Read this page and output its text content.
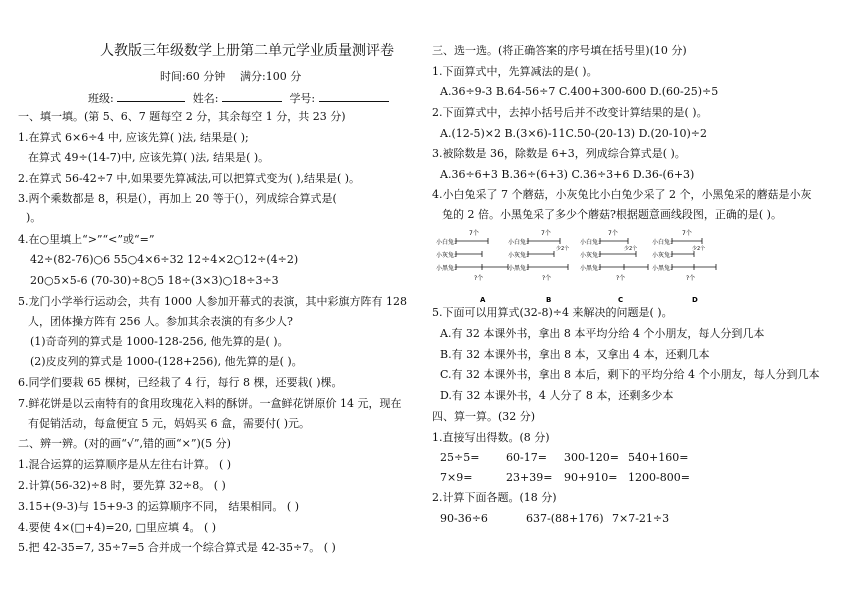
人教版三年级数学上册第二单元学业质量测评卷
时间:60 分钟 满分:100 分
班级:	姓名:	学号:
一、填一填。(第 5、6、7 题每空 2 分，其余每空 1 分，共 23 分)
1.在算式 6×6÷4 中, 应该先算( )法, 结果是( );
在算式 49÷(14-7)中, 应该先算( )法, 结果是( )。
2.在算式 56-42÷7 中,如果要先算减法,可以把算式变为( ),结果是( )。
3.两个乘数都是 8，积是(），再加上 20 等于(），列成综合算式是(
)。
4.在○里填上“>”“<”或“=”
42÷(82-76)○6 55○4×6÷32 12÷4×2○12÷(4÷2)
20○5×5-6 (70-30)÷8○5 18÷(3×3)○18÷3÷3
5.龙门小学举行运动会，共有 1000 人参加开幕式的表演，其中彩旗方阵有 128
人，团体操方阵有 256 人。参加其余表演的有多少人?
(1)奇奇列的算式是 1000-128-256, 他先算的是( )。
(2)皮皮列的算式是 1000-(128+256), 他先算的是( )。
6.同学们要栽 65 棵树，已经栽了 4 行，每行 8 棵，还要栽( )棵。
7.鲜花饼是以云南特有的食用玫瑰花入料的酥饼。一盒鲜花饼原价 14 元，现在
有促销活动，每盒便宜 5 元，妈妈买 6 盒，需要付( )元。
二、辨一辨。(对的画“√”,错的画“×”)(5 分)
1.混合运算的运算顺序是从左往右计算。 ( )
2.计算(56-32)÷8 时，要先算 32÷8。 ( )
3.15+(9-3)与 15+9-3 的运算顺序不同， 结果相同。 ( )
4.要使 4×(□+4)=20, □里应填 4。 ( )
5.把 42-35=7, 35÷7=5 合并成一个综合算式是 42-35÷7。 ( )
三、选一选。(将正确答案的序号填在括号里)(10 分)
1.下面算式中，先算减法的是( )。
A.36÷9-3 B.64-56÷7 C.400+300-600 D.(60-25)÷5
2.下面算式中，去掉小括号后并不改变计算结果的是( )。
A.(12-5)×2 B.(3×6)-11C.50-(20-13) D.(20-10)÷2
3.被除数是 36，除数是 6+3，列成综合算式是( )。
A.36÷6+3 B.36÷(6+3) C.36÷3+6 D.36-(6+3)
4.小白兔采了 7 个蘑菇，小灰兔比小白兔少采了 2 个，小黑兔采的蘑菇是小灰
兔的 2 倍。小黑兔采了多少个蘑菇?根据题意画线段图，正确的是( )。
7个
小白兔:
小灰兔:
小黑兔:
?个
A
7个
小白兔:
少2个
小灰兔:
小黑兔:
?个
B
7个
小白兔:
少2个
小灰兔:
小黑兔:
?个
C
7个
小白兔:
少2个
小灰兔:
小黑兔:
?个
D
5.下面可以用算式(32-8)÷4 来解决的问题是( )。
A.有 32 本课外书，拿出 8 本平均分给 4 个小朋友，每人分到几本
B.有 32 本课外书，拿出 8 本，又拿出 4 本，还剩几本
C.有 32 本课外书，拿出 8 本后，剩下的平均分给 4 个小朋友，每人分到几本
D.有 32 本课外书，4 人分了 8 本，还剩多少本
四、算一算。(32 分)
1.直接写出得数。(8 分)
25÷5= 60-17= 300-120= 540+160=
7×9=	23+39= 90+910= 1200-800=
2.计算下面各题。(18 分)
90-36÷6	637-(88+176) 7×7-21÷3
